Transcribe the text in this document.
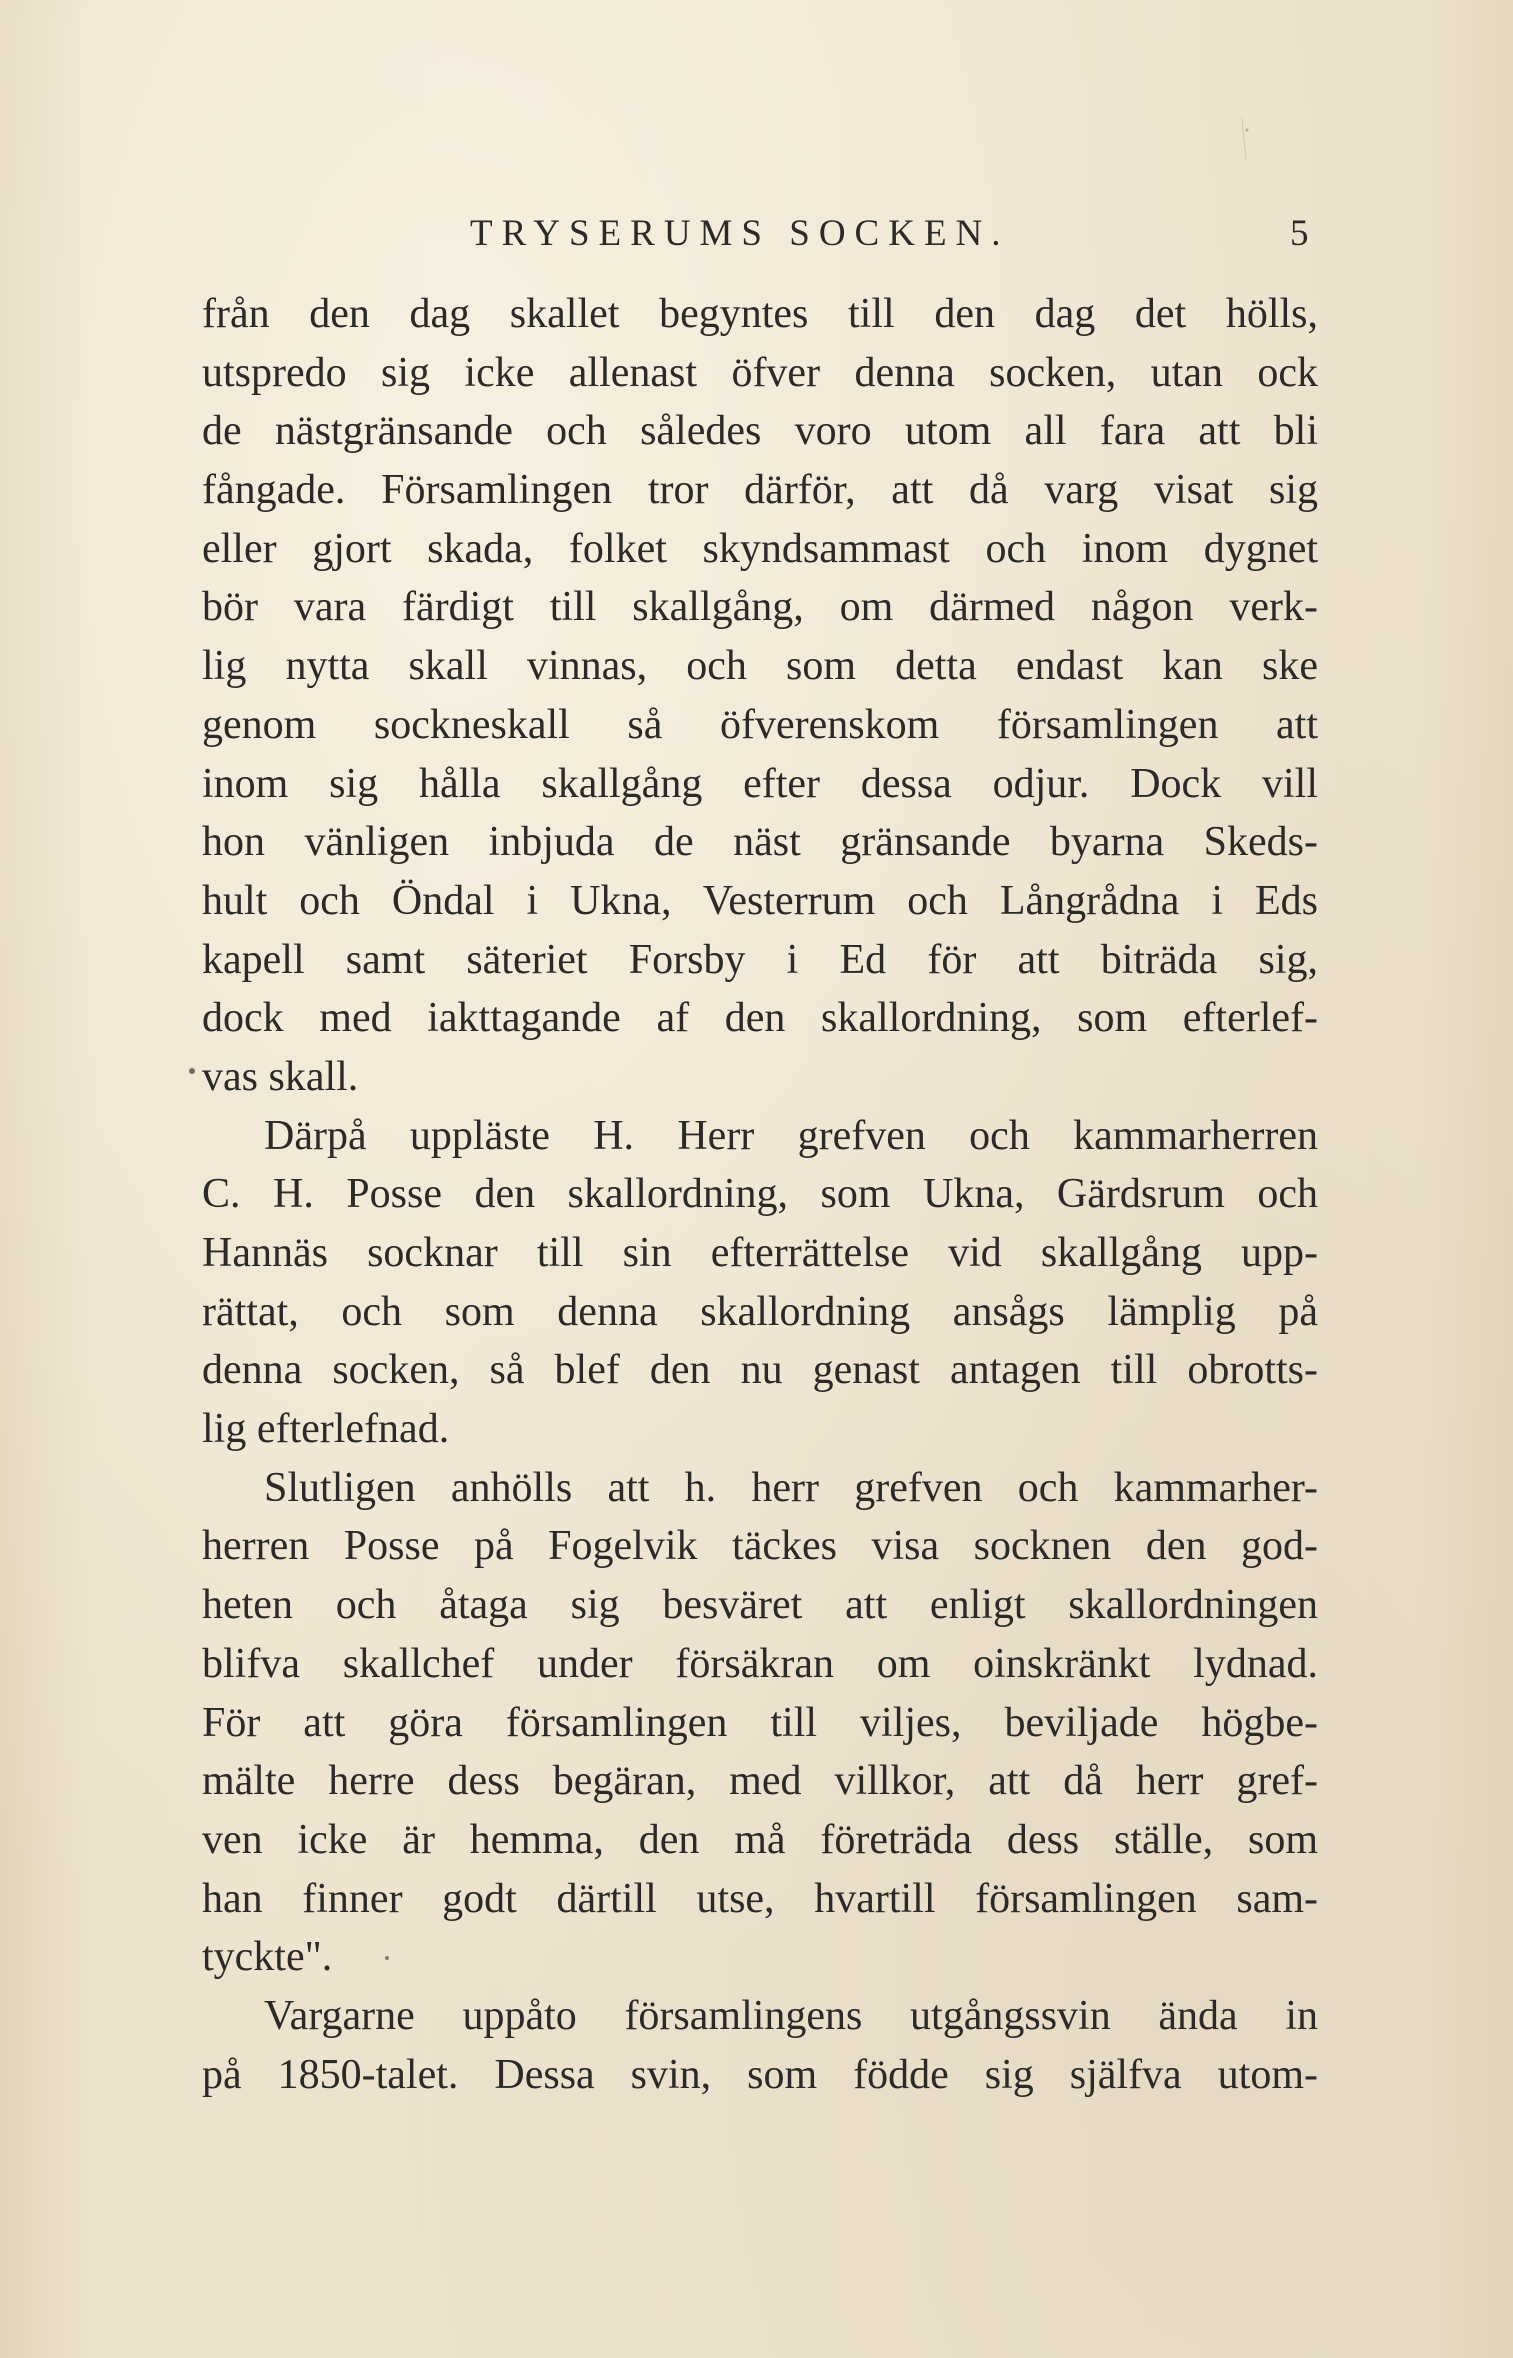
TRYSERUMS SOCKEN.	5
från den dag skallet begyntes till den dag det hölls,
utspredo sig icke allenast öfver denna socken, utan ock
de nästgränsande och således voro utom all fara att bli
fångade. Församlingen tror därför, att då varg visat sig
eller gjort skada, folket skyndsammast och inom dygnet
bör vara färdigt till skallgång, om därmed någon verk-
lig nytta skall vinnas, och som detta endast kan ske
genom sockneskall så öfverenskom församlingen att
inom sig hålla skallgång efter dessa odjur. Dock vill
hon vänligen inbjuda de näst gränsande byarna Skeds-
hult och Öndal i Ukna, Vesterrum och Långrådna i Eds
kapell samt säteriet Forsby i Ed för att biträda sig,
dock med iakttagande af den skallordning, som efterlef-
vas skall.
Därpå uppläste H. Herr grefven och kammarherren
C. H. Posse den skallordning, som Ukna, Gärdsrum och
Hannäs socknar till sin efterrättelse vid skallgång upp-
rättat, och som denna skallordning ansågs lämplig på
denna socken, så blef den nu genast antagen till obrotts-
lig efterlefnad.
Slutligen anhölls att h. herr grefven och kammarher-
herren Posse på Fogelvik täckes visa socknen den god-
heten och åtaga sig besväret att enligt skallordningen
blifva skallchef under försäkran om oinskränkt lydnad.
För att göra församlingen till viljes, beviljade högbe-
mälte herre dess begäran, med villkor, att då herr gref-
ven icke är hemma, den må företräda dess ställe, som
han finner godt därtill utse, hvartill församlingen sam-
tyckte".
Vargarne uppåto församlingens utgångssvin ända in
på 1850-talet. Dessa svin, som födde sig själfva utom-
